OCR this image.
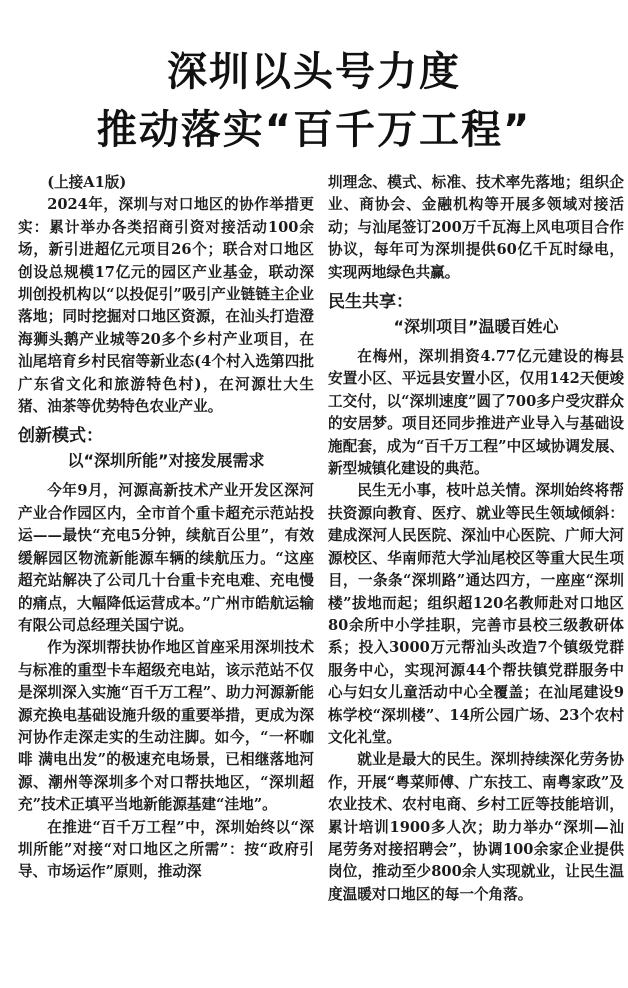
深圳以头号力度
推动落实“百千万工程”

(上接A1版)

2024年，深圳与对口地区的协作举措更实：累计举办各类招商引资对接活动100余场，新引进超亿元项目26个；联合对口地区创设总规模17亿元的园区产业基金，联动深圳创投机构以“以投促引”吸引产业链链主企业落地；同时挖掘对口地区资源，在汕头打造澄海狮头鹅产业城等20多个乡村产业项目，在汕尾培育乡村民宿等新业态(4个村入选第四批广东省文化和旅游特色村)，在河源壮大生猪、油茶等优势特色农业产业。

创新模式：
以“深圳所能”对接发展需求

今年9月，河源高新技术产业开发区深河产业合作园区内，全市首个重卡超充示范站投运——最快“充电5分钟，续航百公里”，有效缓解园区物流新能源车辆的续航压力。“这座超充站解决了公司几十台重卡充电难、充电慢的痛点，大幅降低运营成本。”广州市皓航运输有限公司总经理关国宁说。

作为深圳帮扶协作地区首座采用深圳技术与标准的重型卡车超级充电站，该示范站不仅是深圳深入实施“百千万工程”、助力河源新能源充换电基础设施升级的重要举措，更成为深河协作走深走实的生动注脚。如今，“一杯咖啡 满电出发”的极速充电场景，已相继落地河源、潮州等深圳多个对口帮扶地区，“深圳超充”技术正填平当地新能源基建“洼地”。

在推进“百千万工程”中，深圳始终以“深圳所能”对接“对口地区之所需”：按“政府引导、市场运作”原则，推动深

圳理念、模式、标准、技术率先落地；组织企业、商协会、金融机构等开展多领域对接活动；与汕尾签订200万千瓦海上风电项目合作协议，每年可为深圳提供60亿千瓦时绿电，实现两地绿色共赢。

民生共享：
“深圳项目”温暖百姓心

在梅州，深圳捐资4.77亿元建设的梅县安置小区、平远县安置小区，仅用142天便竣工交付，以“深圳速度”圆了700多户受灾群众的安居梦。项目还同步推进产业导入与基础设施配套，成为“百千万工程”中区域协调发展、新型城镇化建设的典范。

民生无小事，枝叶总关情。深圳始终将帮扶资源向教育、医疗、就业等民生领域倾斜：建成深河人民医院、深汕中心医院、广师大河源校区、华南师范大学汕尾校区等重大民生项目，一条条“深圳路”通达四方，一座座“深圳楼”拔地而起；组织超120名教师赴对口地区80余所中小学挂职，完善市县校三级教研体系；投入3000万元帮汕头改造7个镇级党群服务中心，实现河源44个帮扶镇党群服务中心与妇女儿童活动中心全覆盖；在汕尾建设9栋学校“深圳楼”、14所公园广场、23个农村文化礼堂。

就业是最大的民生。深圳持续深化劳务协作，开展“粤菜师傅、广东技工、南粤家政”及农业技术、农村电商、乡村工匠等技能培训，累计培训1900多人次；助力举办“深圳—汕尾劳务对接招聘会”，协调100余家企业提供岗位，推动至少800余人实现就业，让民生温度温暖对口地区的每一个角落。
